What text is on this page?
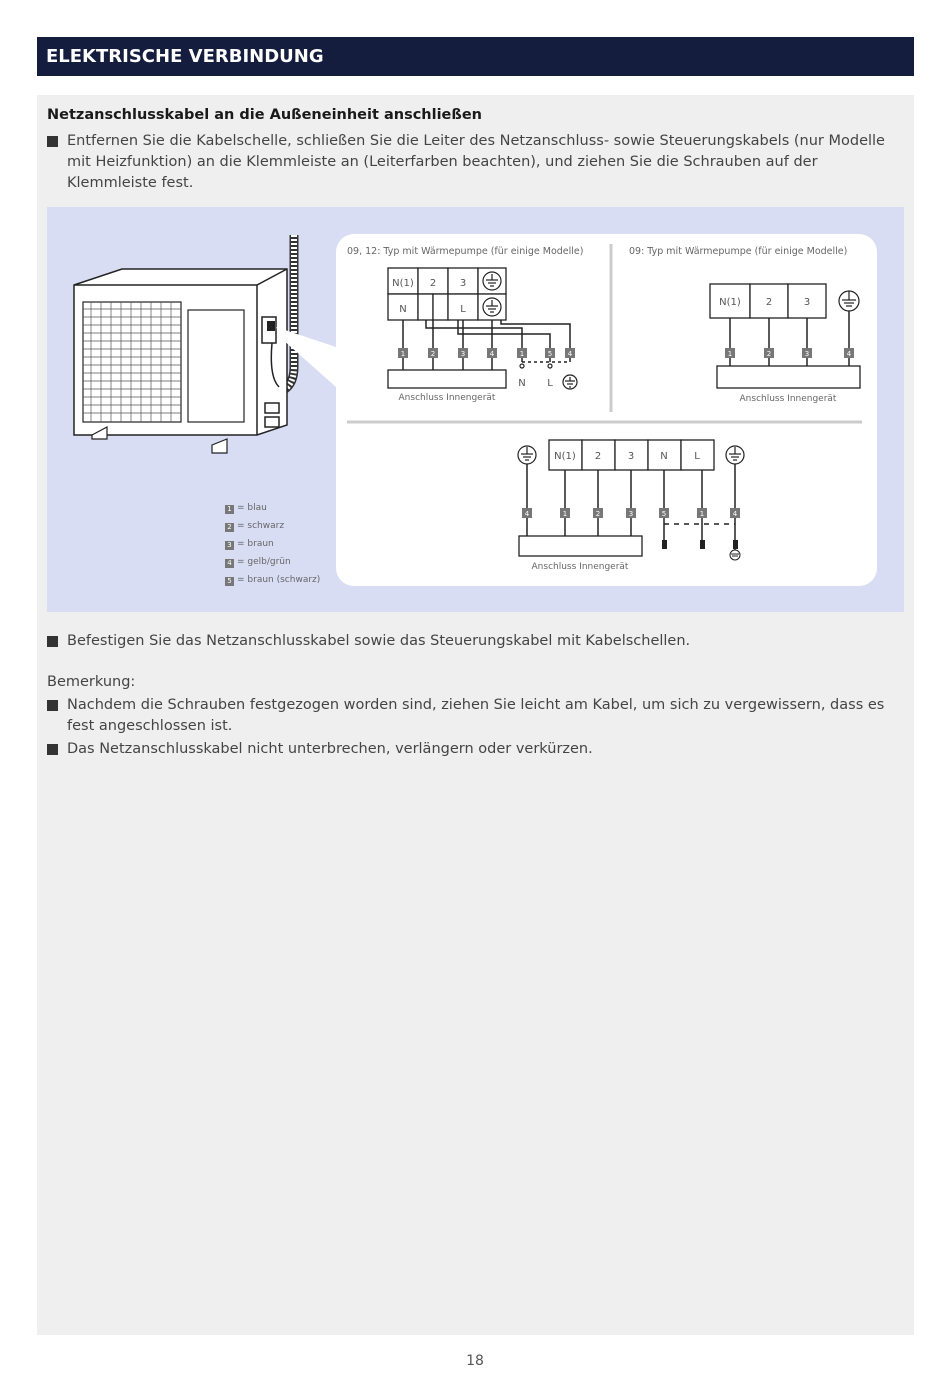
ELEKTRISCHE VERBINDUNG
Netzanschlusskabel an die Außeneinheit anschließen
Entfernen Sie die Kabelschelle, schließen Sie die Leiter des Netzanschluss- sowie Steuerungskabels (nur Modelle mit Heizfunktion) an die Klemmleiste an (Leiterfarben beachten), und ziehen Sie die Schrauben auf der Klemmleiste fest.
1 = blau
2 = schwarz
3 = braun
4 = gelb/grün
5 = braun (schwarz)
09, 12: Typ mit Wärmepumpe (für einige Modelle)
N(1) 2 3
N	L
1	2	3	4	1	5 4
Anschluss Innengerät
N L
09: Typ mit Wärmepumpe (für einige Modelle)
N(1) 2	3
1	2	3	4
Anschluss Innengerät
N(1) 2	3	N	L
4	1	2	3	5	1	4
Anschluss Innengerät
Befestigen Sie das Netzanschlusskabel sowie das Steuerungskabel mit Kabelschellen.
Bemerkung:
Nachdem die Schrauben festgezogen worden sind, ziehen Sie leicht am Kabel, um sich zu vergewissern, dass es fest angeschlossen ist.
Das Netzanschlusskabel nicht unterbrechen, verlängern oder verkürzen.
18
